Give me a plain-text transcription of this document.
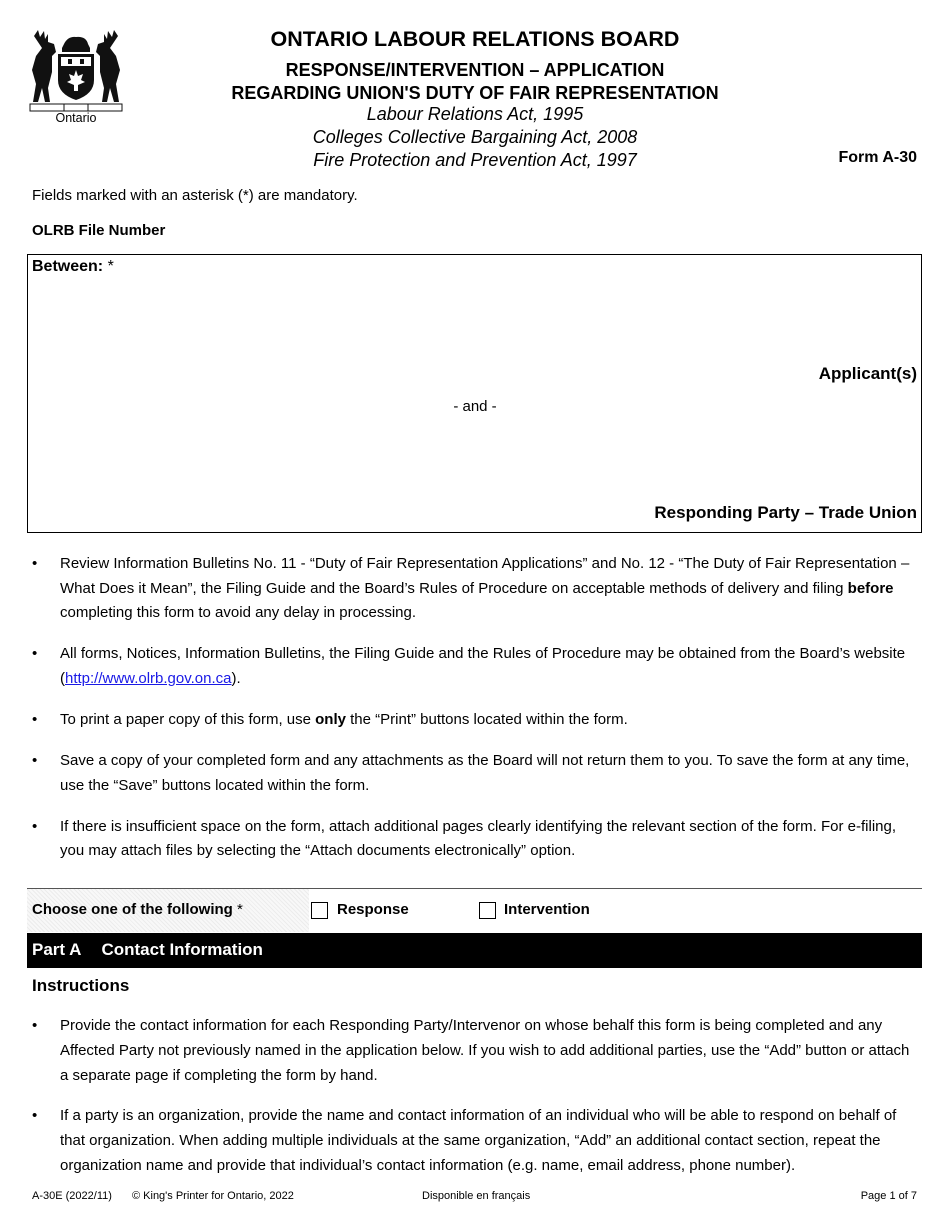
Ontario
ONTARIO LABOUR RELATIONS BOARD
RESPONSE/INTERVENTION – APPLICATION
REGARDING UNION'S DUTY OF FAIR REPRESENTATION
Labour Relations Act, 1995
Colleges Collective Bargaining Act, 2008
Fire Protection and Prevention Act, 1997	Form A-30
Fields marked with an asterisk (*) are mandatory.
OLRB File Number
Between: *
Applicant(s)
- and -
Responding Party – Trade Union
•	Review Information Bulletins No. 11 - “Duty of Fair Representation Applications” and No. 12 - “The Duty of Fair Representation – What Does it Mean”, the Filing Guide and the Board’s Rules of Procedure on acceptable methods of delivery and filing before completing this form to avoid any delay in processing.
•	All forms, Notices, Information Bulletins, the Filing Guide and the Rules of Procedure may be obtained from the Board’s website (http://www.olrb.gov.on.ca).
•	To print a paper copy of this form, use only the “Print” buttons located within the form.
•	Save a copy of your completed form and any attachments as the Board will not return them to you. To save the form at any time, use the “Save” buttons located within the form.
•	If there is insufficient space on the form, attach additional pages clearly identifying the relevant section of the form. For e-filing, you may attach files by selecting the “Attach documents electronically” option.
Choose one of the following *	Response	Intervention
Part A Contact Information
Instructions
•	Provide the contact information for each Responding Party/Intervenor on whose behalf this form is being completed and any Affected Party not previously named in the application below. If you wish to add additional parties, use the “Add” button or attach a separate page if completing the form by hand.
•	If a party is an organization, provide the name and contact information of an individual who will be able to respond on behalf of that organization. When adding multiple individuals at the same organization, “Add” an additional contact section, repeat the organization name and provide that individual’s contact information (e.g. name, email address, phone number).
A-30E (2022/11) © King's Printer for Ontario, 2022	Disponible en français	Page 1 of 7
